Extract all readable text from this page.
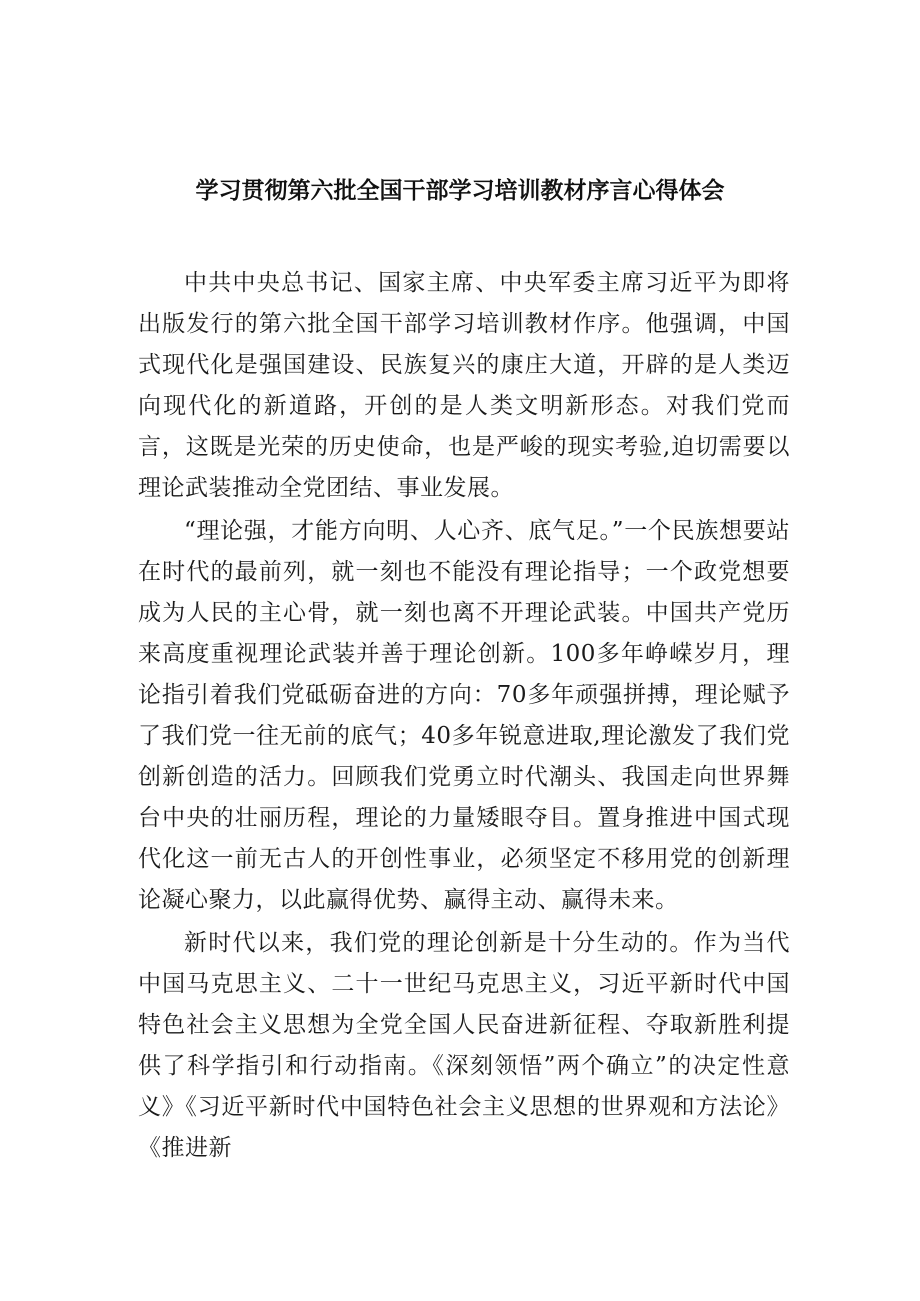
学习贯彻第六批全国干部学习培训教材序言心得体会

中共中央总书记、国家主席、中央军委主席习近平为即将出版发行的第六批全国干部学习培训教材作序。他强调，中国式现代化是强国建设、民族复兴的康庄大道，开辟的是人类迈向现代化的新道路，开创的是人类文明新形态。对我们党而言，这既是光荣的历史使命，也是严峻的现实考验,迫切需要以理论武装推动全党团结、事业发展。

“理论强，才能方向明、人心齐、底气足。”一个民族想要站在时代的最前列，就一刻也不能没有理论指导；一个政党想要成为人民的主心骨，就一刻也离不开理论武装。中国共产党历来高度重视理论武装并善于理论创新。100多年峥嵘岁月，理论指引着我们党砥砺奋进的方向：70多年顽强拼搏，理论赋予了我们党一往无前的底气；40多年锐意进取,理论激发了我们党创新创造的活力。回顾我们党勇立时代潮头、我国走向世界舞台中央的壮丽历程，理论的力量矮眼夺目。置身推进中国式现代化这一前无古人的开创性事业，必须坚定不移用党的创新理论凝心聚力，以此赢得优势、赢得主动、赢得未来。

新时代以来，我们党的理论创新是十分生动的。作为当代中国马克思主义、二十一世纪马克思主义，习近平新时代中国特色社会主义思想为全党全国人民奋进新征程、夺取新胜利提供了科学指引和行动指南。《深刻领悟”两个确立”的决定性意义》《习近平新时代中国特色社会主义思想的世界观和方法论》《推进新
